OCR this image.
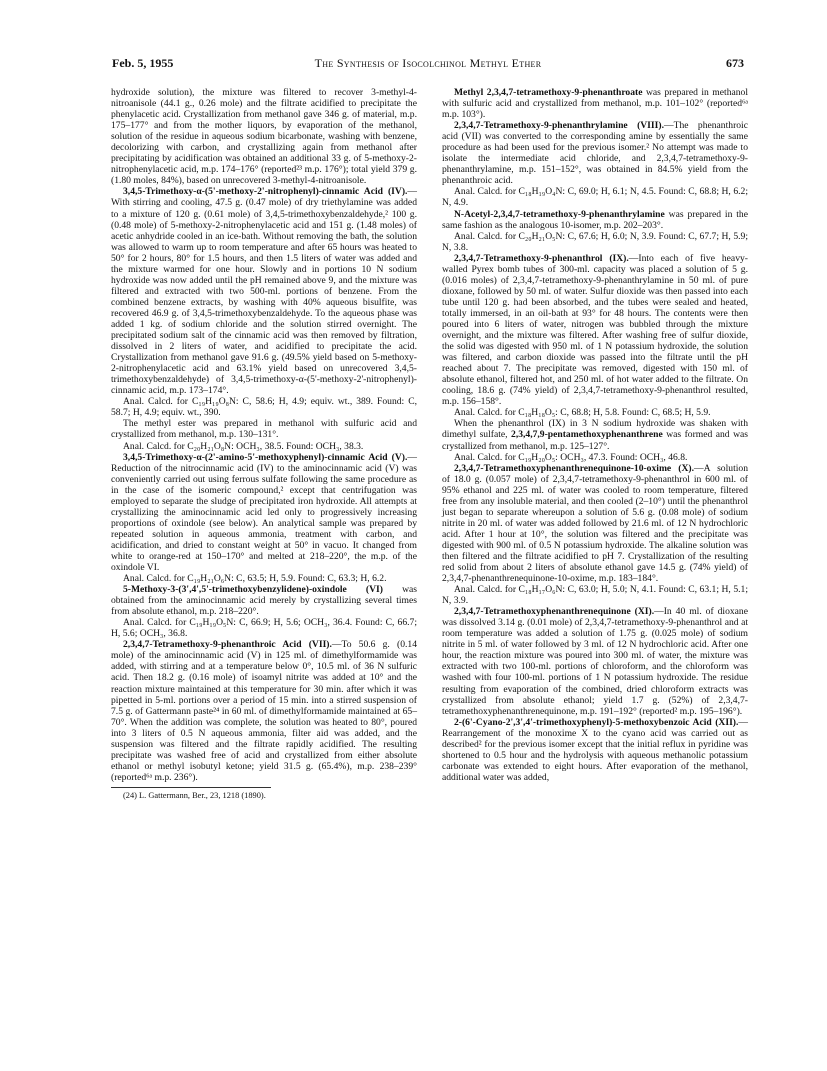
Feb. 5, 1955	The Synthesis of Isocolchinol Methyl Ether	673

hydroxide solution), the mixture was filtered to recover 3-methyl-4-nitroanisole (44.1 g., 0.26 mole) and the filtrate acidified to precipitate the phenylacetic acid. Crystallization from methanol gave 346 g. of material, m.p. 175–177° and from the mother liquors, by evaporation of the methanol, solution of the residue in aqueous sodium bicarbonate, washing with benzene, decolorizing with carbon, and crystallizing again from methanol after precipitating by acidification was obtained an additional 33 g. of 5-methoxy-2-nitrophenylacetic acid, m.p. 174–176° (reported²³ m.p. 176°); total yield 379 g. (1.80 moles, 84%), based on unrecovered 3-methyl-4-nitroanisole.

3,4,5-Trimethoxy-α-(5'-methoxy-2'-nitrophenyl)-cinnamic Acid (IV).—With stirring and cooling, 47.5 g. (0.47 mole) of dry triethylamine was added to a mixture of 120 g. (0.61 mole) of 3,4,5-trimethoxybenzaldehyde,² 100 g. (0.48 mole) of 5-methoxy-2-nitrophenylacetic acid and 151 g. (1.48 moles) of acetic anhydride cooled in an ice-bath. Without removing the bath, the solution was allowed to warm up to room temperature and after 65 hours was heated to 50° for 2 hours, 80° for 1.5 hours, and then 1.5 liters of water was added and the mixture warmed for one hour. Slowly and in portions 10 N sodium hydroxide was now added until the pH remained above 9, and the mixture was filtered and extracted with two 500-ml. portions of benzene. From the combined benzene extracts, by washing with 40% aqueous bisulfite, was recovered 46.9 g. of 3,4,5-trimethoxybenzaldehyde. To the aqueous phase was added 1 kg. of sodium chloride and the solution stirred overnight. The precipitated sodium salt of the cinnamic acid was then removed by filtration, dissolved in 2 liters of water, and acidified to precipitate the acid. Crystallization from methanol gave 91.6 g. (49.5% yield based on 5-methoxy-2-nitrophenylacetic acid and 63.1% yield based on unrecovered 3,4,5-trimethoxybenzaldehyde) of 3,4,5-trimethoxy-α-(5'-methoxy-2'-nitrophenyl)-cinnamic acid, m.p. 173–174°.

Anal. Calcd. for C₁₉H₁₉O₈N: C, 58.6; H, 4.9; equiv. wt., 389. Found: C, 58.7; H, 4.9; equiv. wt., 390.

The methyl ester was prepared in methanol with sulfuric acid and crystallized from methanol, m.p. 130–131°.

Anal. Calcd. for C₂₀H₂₁O₈N: OCH₃, 38.5. Found: OCH₃, 38.3.

3,4,5-Trimethoxy-α-(2'-amino-5'-methoxyphenyl)-cinnamic Acid (V).—Reduction of the nitrocinnamic acid (IV) to the aminocinnamic acid (V) was conveniently carried out using ferrous sulfate following the same procedure as in the case of the isomeric compound,² except that centrifugation was employed to separate the sludge of precipitated iron hydroxide. All attempts at crystallizing the aminocinnamic acid led only to progressively increasing proportions of oxindole (see below). An analytical sample was prepared by repeated solution in aqueous ammonia, treatment with carbon, and acidification, and dried to constant weight at 50° in vacuo. It changed from white to orange-red at 150–170° and melted at 218–220°, the m.p. of the oxindole VI.

Anal. Calcd. for C₁₉H₂₁O₆N: C, 63.5; H, 5.9. Found: C, 63.3; H, 6.2.

5-Methoxy-3-(3',4',5'-trimethoxybenzylidene)-oxindole (VI) was obtained from the aminocinnamic acid merely by crystallizing several times from absolute ethanol, m.p. 218–220°.

Anal. Calcd. for C₁₉H₁₉O₅N: C, 66.9; H, 5.6; OCH₃, 36.4. Found: C, 66.7; H, 5.6; OCH₃, 36.8.

2,3,4,7-Tetramethoxy-9-phenanthroic Acid (VII).—To 50.6 g. (0.14 mole) of the aminocinnamic acid (V) in 125 ml. of dimethylformamide was added, with stirring and at a temperature below 0°, 10.5 ml. of 36 N sulfuric acid. Then 18.2 g. (0.16 mole) of isoamyl nitrite was added at 10° and the reaction mixture maintained at this temperature for 30 min. after which it was pipetted in 5-ml. portions over a period of 15 min. into a stirred suspension of 7.5 g. of Gattermann paste²⁴ in 60 ml. of dimethylformamide maintained at 65–70°. When the addition was complete, the solution was heated to 80°, poured into 3 liters of 0.5 N aqueous ammonia, filter aid was added, and the suspension was filtered and the filtrate rapidly acidified. The resulting precipitate was washed free of acid and crystallized from either absolute ethanol or methyl isobutyl ketone; yield 31.5 g. (65.4%), m.p. 238–239° (reported⁶ᵃ m.p. 236°).

(24) L. Gattermann, Ber., 23, 1218 (1890).

Methyl 2,3,4,7-tetramethoxy-9-phenanthroate was prepared in methanol with sulfuric acid and crystallized from methanol, m.p. 101–102° (reported⁶ᵃ m.p. 103°).

2,3,4,7-Tetramethoxy-9-phenanthrylamine (VIII).—The phenanthroic acid (VII) was converted to the corresponding amine by essentially the same procedure as had been used for the previous isomer.² No attempt was made to isolate the intermediate acid chloride, and 2,3,4,7-tetramethoxy-9-phenanthrylamine, m.p. 151–152°, was obtained in 84.5% yield from the phenanthroic acid.

Anal. Calcd. for C₁₈H₁₉O₄N: C, 69.0; H, 6.1; N, 4.5. Found: C, 68.8; H, 6.2; N, 4.9.

N-Acetyl-2,3,4,7-tetramethoxy-9-phenanthrylamine was prepared in the same fashion as the analogous 10-isomer, m.p. 202–203°.

Anal. Calcd. for C₂₀H₂₁O₅N: C, 67.6; H, 6.0; N, 3.9. Found: C, 67.7; H, 5.9; N, 3.8.

2,3,4,7-Tetramethoxy-9-phenanthrol (IX).—Into each of five heavy-walled Pyrex bomb tubes of 300-ml. capacity was placed a solution of 5 g. (0.016 moles) of 2,3,4,7-tetramethoxy-9-phenanthrylamine in 50 ml. of pure dioxane, followed by 50 ml. of water. Sulfur dioxide was then passed into each tube until 120 g. had been absorbed, and the tubes were sealed and heated, totally immersed, in an oil-bath at 93° for 48 hours. The contents were then poured into 6 liters of water, nitrogen was bubbled through the mixture overnight, and the mixture was filtered. After washing free of sulfur dioxide, the solid was digested with 950 ml. of 1 N potassium hydroxide, the solution was filtered, and carbon dioxide was passed into the filtrate until the pH reached about 7. The precipitate was removed, digested with 150 ml. of absolute ethanol, filtered hot, and 250 ml. of hot water added to the filtrate. On cooling, 18.6 g. (74% yield) of 2,3,4,7-tetramethoxy-9-phenanthrol resulted, m.p. 156–158°.

Anal. Calcd. for C₁₈H₁₈O₅: C, 68.8; H, 5.8. Found: C, 68.5; H, 5.9.

When the phenanthrol (IX) in 3 N sodium hydroxide was shaken with dimethyl sulfate, 2,3,4,7,9-pentamethoxyphenanthrene was formed and was crystallized from methanol, m.p. 125–127°.

Anal. Calcd. for C₁₉H₂₀O₅: OCH₃, 47.3. Found: OCH₃, 46.8.

2,3,4,7-Tetramethoxyphenanthrenequinone-10-oxime (X).—A solution of 18.0 g. (0.057 mole) of 2,3,4,7-tetramethoxy-9-phenanthrol in 600 ml. of 95% ethanol and 225 ml. of water was cooled to room temperature, filtered free from any insoluble material, and then cooled (2–10°) until the phenanthrol just began to separate whereupon a solution of 5.6 g. (0.08 mole) of sodium nitrite in 20 ml. of water was added followed by 21.6 ml. of 12 N hydrochloric acid. After 1 hour at 10°, the solution was filtered and the precipitate was digested with 900 ml. of 0.5 N potassium hydroxide. The alkaline solution was then filtered and the filtrate acidified to pH 7. Crystallization of the resulting red solid from about 2 liters of absolute ethanol gave 14.5 g. (74% yield) of 2,3,4,7-phenanthrenequinone-10-oxime, m.p. 183–184°.

Anal. Calcd. for C₁₈H₁₇O₆N: C, 63.0; H, 5.0; N, 4.1. Found: C, 63.1; H, 5.1; N, 3.9.

2,3,4,7-Tetramethoxyphenanthrenequinone (XI).—In 40 ml. of dioxane was dissolved 3.14 g. (0.01 mole) of 2,3,4,7-tetramethoxy-9-phenanthrol and at room temperature was added a solution of 1.75 g. (0.025 mole) of sodium nitrite in 5 ml. of water followed by 3 ml. of 12 N hydrochloric acid. After one hour, the reaction mixture was poured into 300 ml. of water, the mixture was extracted with two 100-ml. portions of chloroform, and the chloroform was washed with four 100-ml. portions of 1 N potassium hydroxide. The residue resulting from evaporation of the combined, dried chloroform extracts was crystallized from absolute ethanol; yield 1.7 g. (52%) of 2,3,4,7-tetramethoxyphenanthrenequinone, m.p. 191–192° (reported² m.p. 195–196°).

2-(6'-Cyano-2',3',4'-trimethoxyphenyl)-5-methoxybenzoic Acid (XII).—Rearrangement of the monoxime X to the cyano acid was carried out as described² for the previous isomer except that the initial reflux in pyridine was shortened to 0.5 hour and the hydrolysis with aqueous methanolic potassium carbonate was extended to eight hours. After evaporation of the methanol, additional water was added,
